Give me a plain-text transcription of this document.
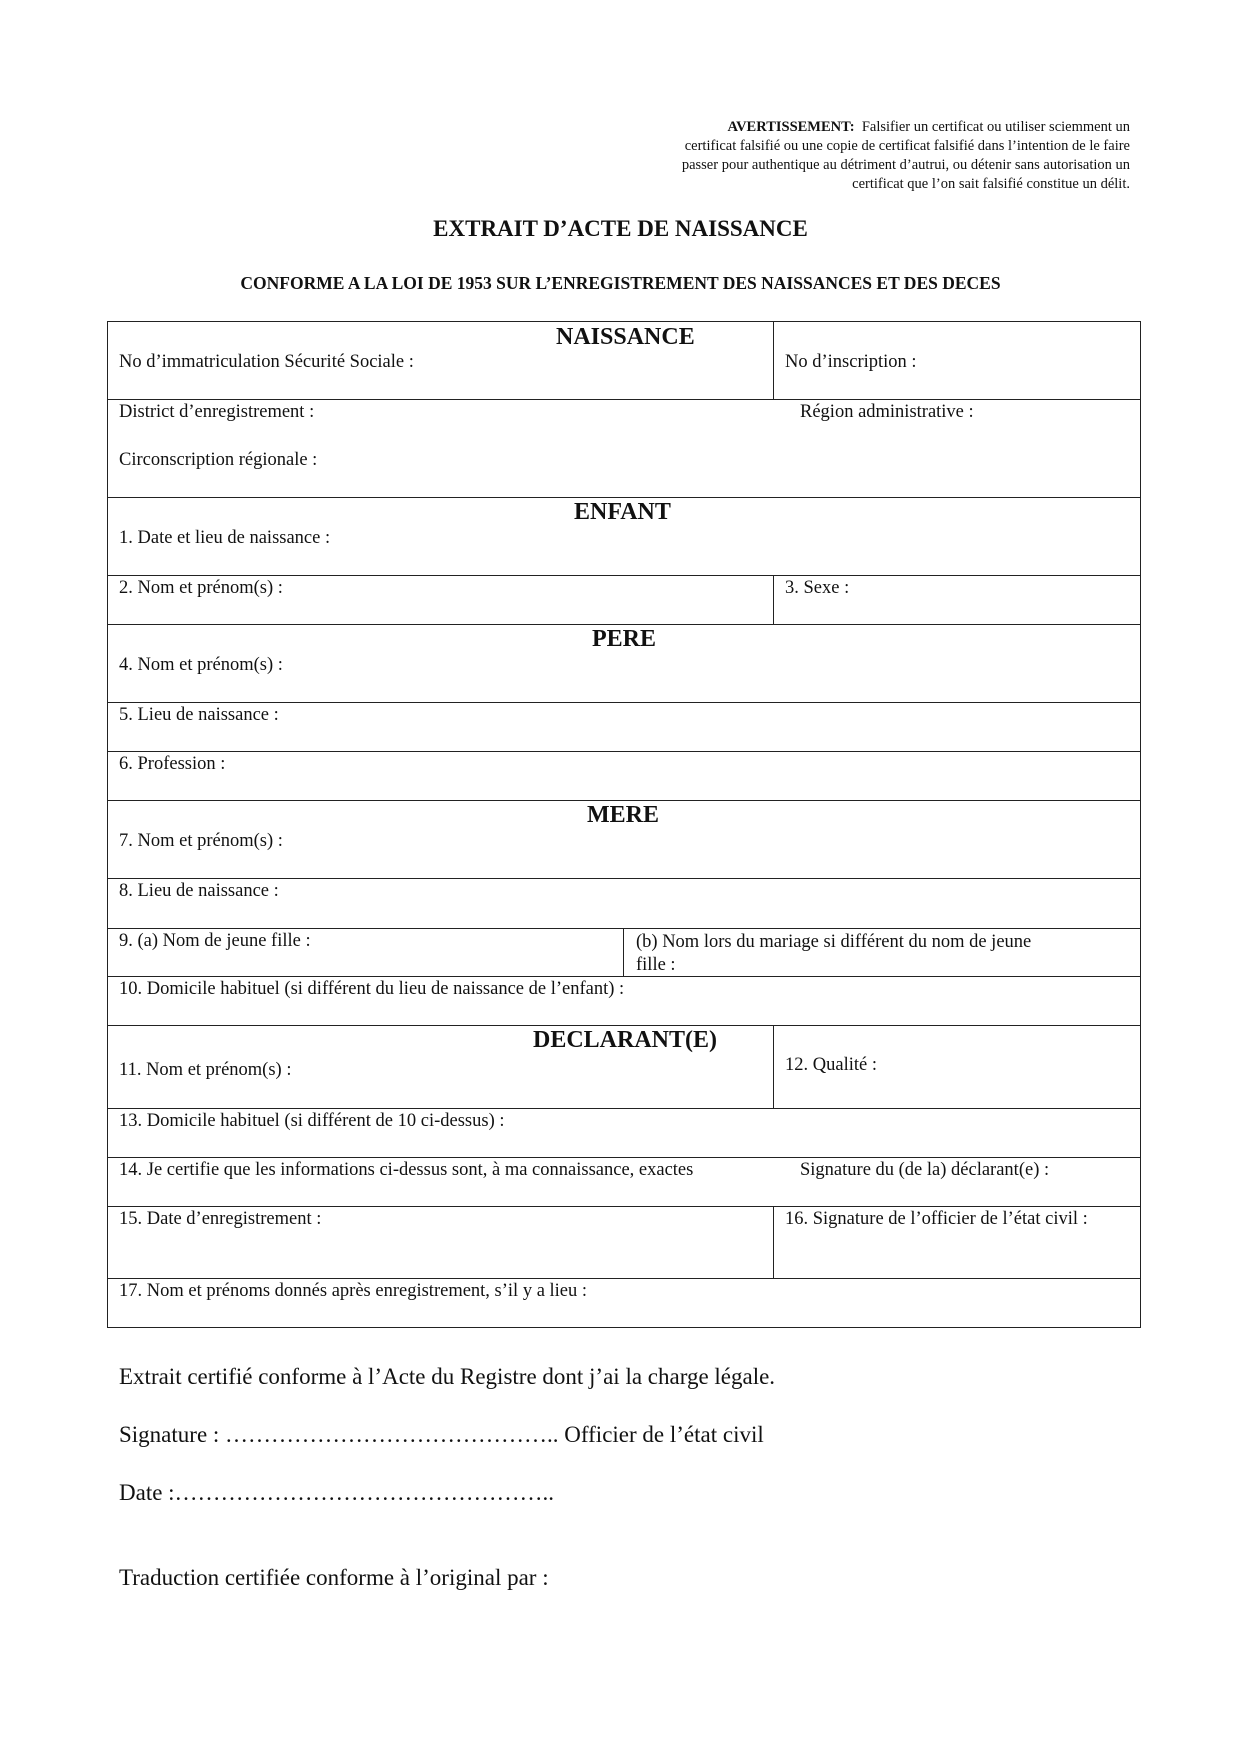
AVERTISSEMENT: Falsifier un certificat ou utiliser sciemment un
certificat falsifié ou une copie de certificat falsifié dans l’intention de le faire
passer pour authentique au détriment d’autrui, ou détenir sans autorisation un
certificat que l’on sait falsifié constitue un délit.
EXTRAIT D’ACTE DE NAISSANCE
CONFORME A LA LOI DE 1953 SUR L’ENREGISTREMENT DES NAISSANCES ET DES DECES
NAISSANCE
No d’immatriculation Sécurité Sociale :	No d’inscription :
District d’enregistrement :	Région administrative :
Circonscription régionale :
ENFANT
1. Date et lieu de naissance :
2. Nom et prénom(s) :	3. Sexe :
PERE
4. Nom et prénom(s) :
5. Lieu de naissance :
6. Profession :
MERE
7. Nom et prénom(s) :
8. Lieu de naissance :
9. (a) Nom de jeune fille :	(b) Nom lors du mariage si différent du nom de jeune
fille :
10. Domicile habituel (si différent du lieu de naissance de l’enfant) :
DECLARANT(E)
11. Nom et prénom(s) :	12. Qualité :
13. Domicile habituel (si différent de 10 ci-dessus) :
14. Je certifie que les informations ci-dessus sont, à ma connaissance, exactes	Signature du (de la) déclarant(e) :
15. Date d’enregistrement :	16. Signature de l’officier de l’état civil :
17. Nom et prénoms donnés après enregistrement, s’il y a lieu :
Extrait certifié conforme à l’Acte du Registre dont j’ai la charge légale.
Signature : …………………………………….. Officier de l’état civil
Date :…………………………………………..
Traduction certifiée conforme à l’original par :
